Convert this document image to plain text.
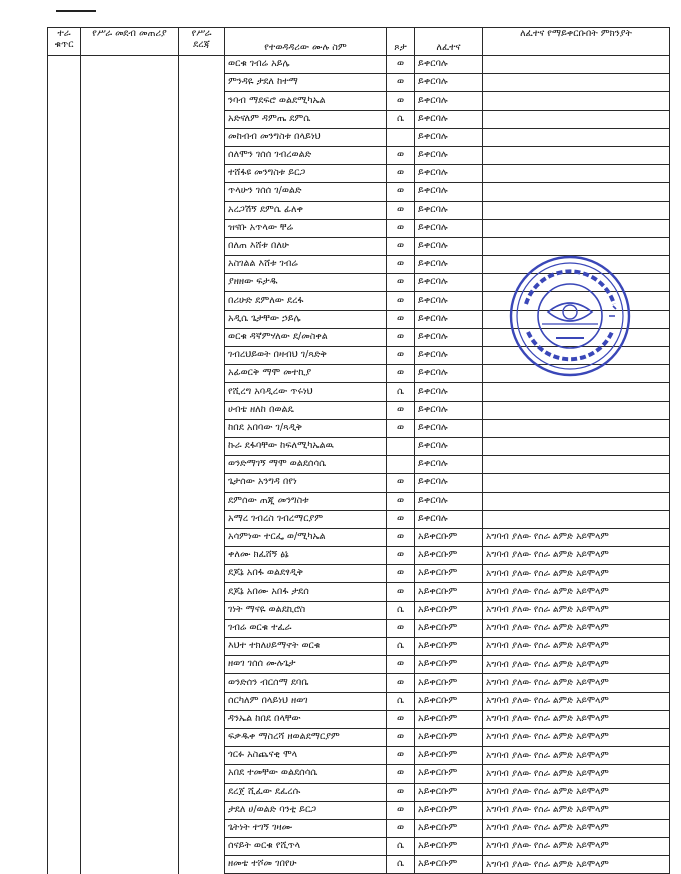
ተራ ቁጥር	የሥራ መደብ መጠሪያ	የሥራ ደረጃ	የተወዳዳሪው ሙሉ ስም	ጾታ	ለፈተና	ለፈተና የማይቀርቡበት ምክንያት
			ወርቁ ገብሬ አይሌ	ወ	ይቀርባሉ	
			ምንዳዬ ታደለ ከተማ	ወ	ይቀርባሉ	
			ንባብ ማደፍሮ ወልደሚካኤል	ወ	ይቀርባሉ	
			አድናለም ዳምጤ ደምሴ	ሴ	ይቀርባሉ	
			መከብብ መንግስቱ በላይነህ		ይቀርባሉ	
			ሰለሞን ገሰሰ ገብረወልድ	ወ	ይቀርባሉ	
			ተሸፋዩ መንግስቱ ይርጋ	ወ	ይቀርባሉ	
			ጥላሁን ገሰሰ ገ/ወልድ	ወ	ይቀርባሉ	
			አረጋሽኝ ደምሴ ፊለቀ	ወ	ይቀርባሉ	
			ዝናቡ አጥላው ቸሬ	ወ	ይቀርባሉ	
			በለጠ እሸቱ በለሁ	ወ	ይቀርባሉ	
			አስገልል እሸቱ ገብሬ	ወ	ይቀርባሉ	
			ያዘዘው ፍታዱ	ወ	ይቀርባሉ	
			በሪሁድ ደምለው ደረፋ	ወ	ይቀርባሉ	
			አዲሴ ጌታቸው ኃይሌ	ወ	ይቀርባሉ	
			ወርቁ ዳኛምሃለው ደ/መስቀል	ወ	ይቀርባሉ	
			ገብረህይወት በዛብህ ገ/ጻድቅ	ወ	ይቀርባሉ	
			አፊወርቅ ማሞ መተኪያ	ወ	ይቀርባሉ	
			የሺረግ አባዲረው ጥሩነህ	ሴ	ይቀርባሉ	
			ሀብቴ ዘለከ በወልዴ	ወ	ይቀርባሉ	
			ከበደ አበባው ገ/ጻዲቅ	ወ	ይቀርባሉ	
			ኩራ ደፋባቸው ከፍለሚካኤልዉ		ይቀርባሉ	
			ወንድማገኝ ማሞ ወልደሰሳሴ		ይቀርባሉ	
			ጌታሰው አንግዳ በየነ	ወ	ይቀርባሉ	
			ደምሰው ጠጂ መንግስቱ	ወ	ይቀርባሉ	
			አማረ ገብረስ ገብረማርያም	ወ	ይቀርባሉ	
			አሳምነው ተርፌ ወ/ሚካኤል	ወ	አይቀርቡም	አግባብ ያለው የስራ ልምድ አይሞላም
			ቀለሙ ክፈሸኝ ፅኔ	ወ	አይቀርቡም	አግባብ ያለው የስራ ልምድ አይሞላም
			ደጆኔ አበፋ ወልደፃዲቅ	ወ	አይቀርቡም	አግባብ ያለው የስራ ልምድ አይሞላም
			ደጆኔ አበሙ አበፋ ታደሰ	ወ	አይቀርቡም	አግባብ ያለው የስራ ልምድ አይሞላም
			ገነት ማናዬ ወልደኪሮስ	ሴ	አይቀርቡም	አግባብ ያለው የስራ ልምድ አይሞላም
			ገብሬ ወርቁ ተፈራ	ወ	አይቀርቡም	አግባብ ያለው የስራ ልምድ አይሞላም
			እህተ ተክለሀይማኖት ወርቁ	ሴ	አይቀርቡም	አግባብ ያለው የስራ ልምድ አይሞላም
			ዘወገ ገሰሰ ሙሉጌታ	ወ	አይቀርቡም	አግባብ ያለው የስራ ልምድ አይሞላም
			ወንድሰን ብርሰማ ደባቤ	ወ	አይቀርቡም	አግባብ ያለው የስራ ልምድ አይሞላም
			ሰርካለም በላይነህ ዘወገ	ሴ	አይቀርቡም	አግባብ ያለው የስራ ልምድ አይሞላም
			ዳንኤል ከበደ በላቸው	ወ	አይቀርቡም	አግባብ ያለው የስራ ልምድ አይሞላም
			ፍቃዱቀ ማስረሻ ዘወልደማርያም	ወ	አይቀርቡም	አግባብ ያለው የስራ ልምድ አይሞላም
			ጎርፉ አስጨናቂ ሞላ	ወ	አይቀርቡም	አግባብ ያለው የስራ ልምድ አይሞላም
			አበደ ተመቸው ወልደሰሳሴ	ወ	አይቀርቡም	አግባብ ያለው የስራ ልምድ አይሞላም
			ደረጀ ሺፈው ደፈረሱ	ወ	አይቀርቡም	አግባብ ያለው የስራ ልምድ አይሞላም
			ታደለ ሀ/ወልድ ባንቲ ይርጋ	ወ	አይቀርቡም	አግባብ ያለው የስራ ልምድ አይሞላም
			ጌትነት ተገኝ ገዛሙ	ወ	አይቀርቡም	አግባብ ያለው የስራ ልምድ አይሞላም
			ሰናይት ወርቁ የሺጥላ	ሴ	አይቀርቡም	አግባብ ያለው የስራ ልምድ አይሞላም
			ዘመቴ ተሾመ ገበየሁ	ሴ	አይቀርቡም	አግባብ ያለው የስራ ልምድ አይሞላም
